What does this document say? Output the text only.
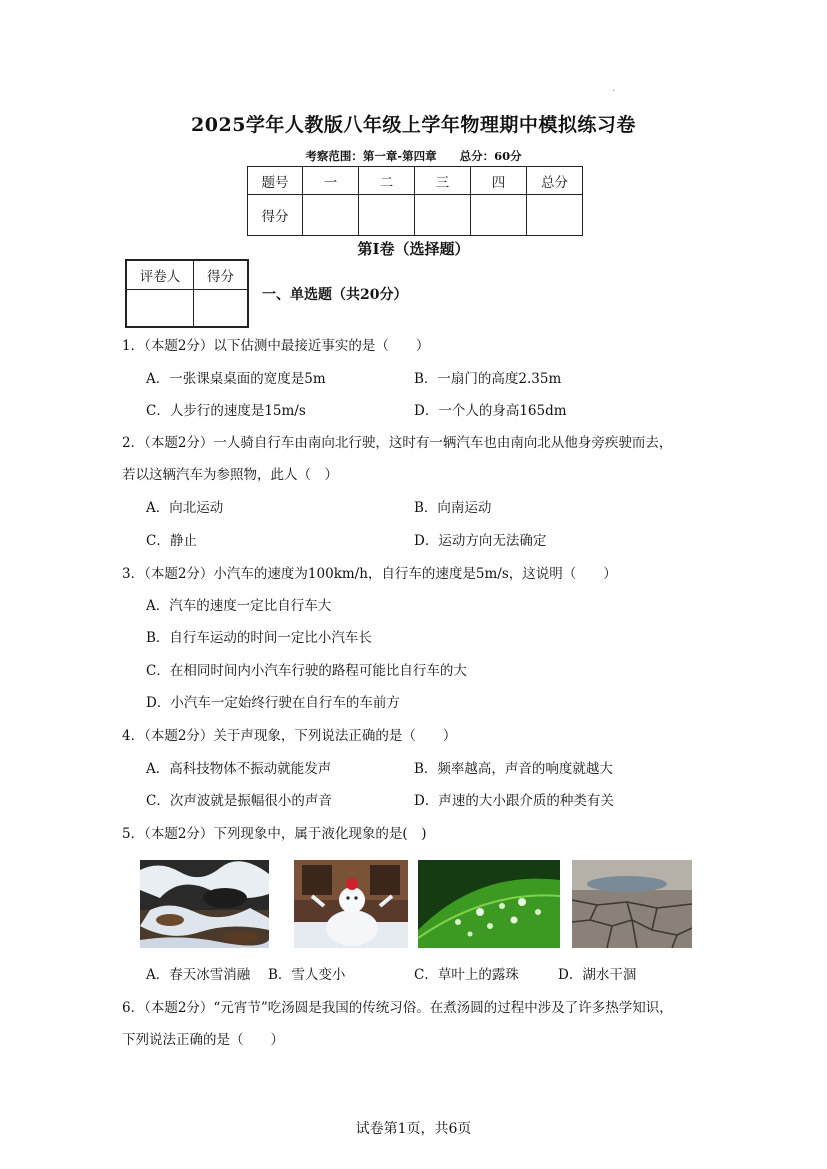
.
2025学年人教版八年级上学年物理期中模拟练习卷
考察范围：第一章-第四章　　总分：60分
题号	一	二	三	四	总分
得分					
第I卷（选择题）
评卷人	得分

一、单选题（共20分）
1．（本题2分）以下估测中最接近事实的是（　　）
A．一张课桌桌面的宽度是5m	B．一扇门的高度2.35m
C．人步行的速度是15m/s	D．一个人的身高165dm
2．（本题2分）一人骑自行车由南向北行驶，这时有一辆汽车也由南向北从他身旁疾驶而去，
若以这辆汽车为参照物，此人（　）
A．向北运动	B．向南运动
C．静止	D．运动方向无法确定
3．（本题2分）小汽车的速度为100km/h，自行车的速度是5m/s，这说明（　　）
A．汽车的速度一定比自行车大
B．自行车运动的时间一定比小汽车长
C．在相同时间内小汽车行驶的路程可能比自行车的大
D．小汽车一定始终行驶在自行车的车前方
4．（本题2分）关于声现象，下列说法正确的是（　　）
A．高科技物体不振动就能发声	B．频率越高，声音的响度就越大
C．次声波就是振幅很小的声音	D．声速的大小跟介质的种类有关
5．（本题2分）下列现象中，属于液化现象的是(　)
A．春天冰雪消融 B．雪人变小	C．草叶上的露珠	D．湖水干涸
6．（本题2分）“元宵节”吃汤圆是我国的传统习俗。在煮汤圆的过程中涉及了许多热学知识，
下列说法正确的是（　　）
试卷第1页，共6页
